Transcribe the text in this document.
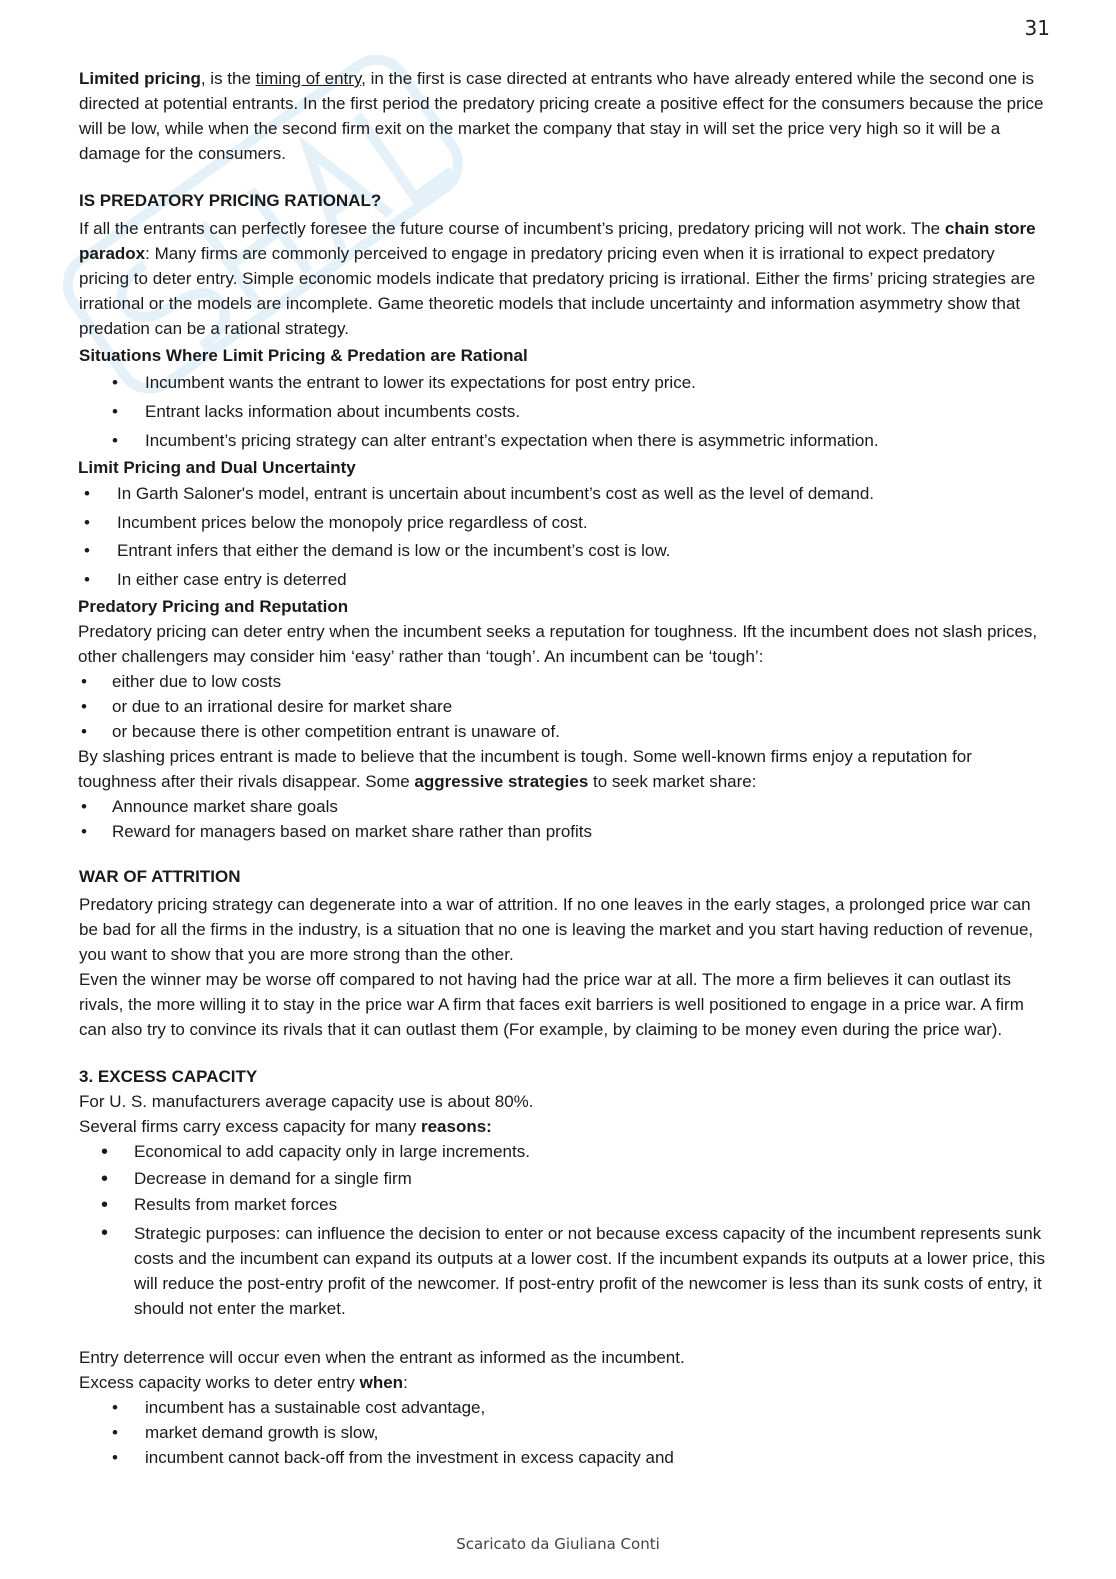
31

Limited pricing, is the timing of entry, in the first is case directed at entrants who have already entered while the second one is directed at potential entrants. In the first period the predatory pricing create a positive effect for the consumers because the price will be low, while when the second firm exit on the market the company that stay in will set the price very high so it will be a damage for the consumers.

IS PREDATORY PRICING RATIONAL?

If all the entrants can perfectly foresee the future course of incumbent’s pricing, predatory pricing will not work. The chain store paradox: Many firms are commonly perceived to engage in predatory pricing even when it is irrational to expect predatory pricing to deter entry. Simple economic models indicate that predatory pricing is irrational. Either the firms’ pricing strategies are irrational or the models are incomplete. Game theoretic models that include uncertainty and information asymmetry show that predation can be a rational strategy.

Situations Where Limit Pricing & Predation are Rational

• Incumbent wants the entrant to lower its expectations for post entry price.
• Entrant lacks information about incumbents costs.
• Incumbent’s pricing strategy can alter entrant’s expectation when there is asymmetric information.

Limit Pricing and Dual Uncertainty

• In Garth Saloner's model, entrant is uncertain about incumbent’s cost as well as the level of demand.
• Incumbent prices below the monopoly price regardless of cost.
• Entrant infers that either the demand is low or the incumbent’s cost is low.
• In either case entry is deterred

Predatory Pricing and Reputation

Predatory pricing can deter entry when the incumbent seeks a reputation for toughness. Ift the incumbent does not slash prices, other challengers may consider him ‘easy’ rather than ‘tough’. An incumbent can be ‘tough’:

• either due to low costs
• or due to an irrational desire for market share
• or because there is other competition entrant is unaware of.

By slashing prices entrant is made to believe that the incumbent is tough. Some well-known firms enjoy a reputation for toughness after their rivals disappear. Some aggressive strategies to seek market share:

• Announce market share goals
• Reward for managers based on market share rather than profits

WAR OF ATTRITION

Predatory pricing strategy can degenerate into a war of attrition. If no one leaves in the early stages, a prolonged price war can be bad for all the firms in the industry, is a situation that no one is leaving the market and you start having reduction of revenue, you want to show that you are more strong than the other.

Even the winner may be worse off compared to not having had the price war at all. The more a firm believes it can outlast its rivals, the more willing it to stay in the price war A firm that faces exit barriers is well positioned to engage in a price war. A firm can also try to convince its rivals that it can outlast them (For example, by claiming to be money even during the price war).

3. EXCESS CAPACITY

For U. S. manufacturers average capacity use is about 80%.

Several firms carry excess capacity for many reasons:

• Economical to add capacity only in large increments.
• Decrease in demand for a single firm
• Results from market forces
• Strategic purposes: can influence the decision to enter or not because excess capacity of the incumbent represents sunk costs and the incumbent can expand its outputs at a lower cost. If the incumbent expands its outputs at a lower price, this will reduce the post-entry profit of the newcomer. If post-entry profit of the newcomer is less than its sunk costs of entry, it should not enter the market.

Entry deterrence will occur even when the entrant as informed as the incumbent.

Excess capacity works to deter entry when:

• incumbent has a sustainable cost advantage,
• market demand growth is slow,
• incumbent cannot back-off from the investment in excess capacity and
Scaricato da Giuliana Conti
